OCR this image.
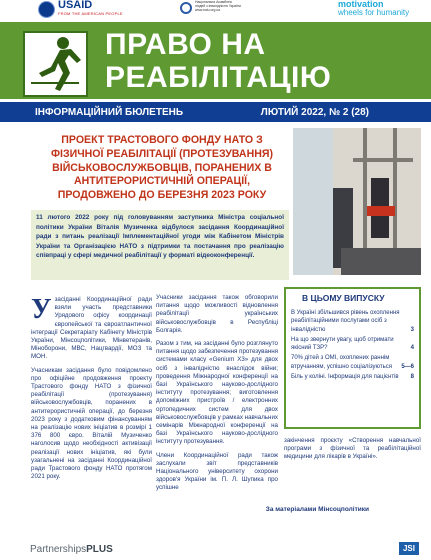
USAID
FROM THE AMERICAN PEOPLE
Національна Асамблея
людей з інвалідністю України
www.naiu.org.ua
motivation
wheels for humanity
ПРАВО НА
РЕАБІЛІТАЦІЮ
ІНФОРМАЦІЙНИЙ БЮЛЕТЕНЬ	ЛЮТИЙ 2022, № 2 (28)
ПРОЕКТ ТРАСТОВОГО ФОНДУ НАТО З ФІЗИЧНОЇ РЕАБІЛІТАЦІЇ (ПРОТЕЗУВАННЯ) ВІЙСЬКОВОСЛУЖБОВЦІВ, ПОРАНЕНИХ В АНТИТЕРОРИСТИЧНІЙ ОПЕРАЦІЇ, ПРОДОВЖЕНО ДО БЕРЕЗНЯ 2023 РОКУ
11 лютого 2022 року під головуванням заступника Міністра соціальної політики України Віталія Музиченка відбулося засідання Координаційної ради з питань реалізації Імплементаційної угоди між Кабінетом Міністрів України та Організацією НАТО з підтримки та постачання про реалізацію співпраці у сфері медичної реабілітації у форматі відеоконференції.
У засіданні Координаційної ради взяли участь представники Урядового офісу координації європейської та євроатлантичної інтеграції Секретаріату Кабінету Міністрів України, Мінсоцполітики, Мінветеранів, Міноборони, МВС, Нацгвардії, МОЗ та МОН.

Учасникам засідання було повідомлено про офіційне продовження проекту Трастового фонду НАТО з фізичної реабілітації (протезування) військовослужбовців, поранених в антитерористичній операції, до березня 2023 року з додатковим фінансуванням на реалізацію нових ініціатив в розмірі 1 376 800 євро. Віталій Музиченко наголосив щодо необхідності активізації реалізації нових ініціатив, які були узагальнені на засіданні Координаційної ради Трастового фонду НАТО протягом 2021 року.

Учасники засідання також обговорили питання щодо можливості відновлення реабілітації українських військовослужбовців в Республіці Болгарія.

Разом з тим, на засіданні було розглянуто питання щодо забезпечення протезування системами класу «Genium X3» для двох осіб з інвалідністю внаслідок війни; проведення Міжнародної конференції на базі Українського науково-дослідного інституту протезування; виготовлення допоміжних пристроїв / електронних ортопедичних систем для двох військовослужбовців у рамках навчальних семінарів Міжнародної конференції на базі Українського науково-дослідного інституту протезування.

Члени Координаційної ради також заслухали звіт представників Національного університету охорони здоров'я України ім. П. Л. Шупика про успішне

В ЦЬОМУ ВИПУСКУ
В Україні збільшився рівень охоплення реабілітаційними послугами осіб з інвалідністю	3
На що звернути увагу, щоб отримати якісний ТЗР?	4
70% дітей з ОМІ, охоплених раннім втручанням, успішно соціалізуються	5—6
Біль у коліні. Інформація для пацієнтів	8
закінчення проєкту «Створення навчальної програми з фізичної та реабілітаційної медицини для лікарів в Україні».
За матеріалами Мінсоцполітики
PartnershipsPLUS	JSI
